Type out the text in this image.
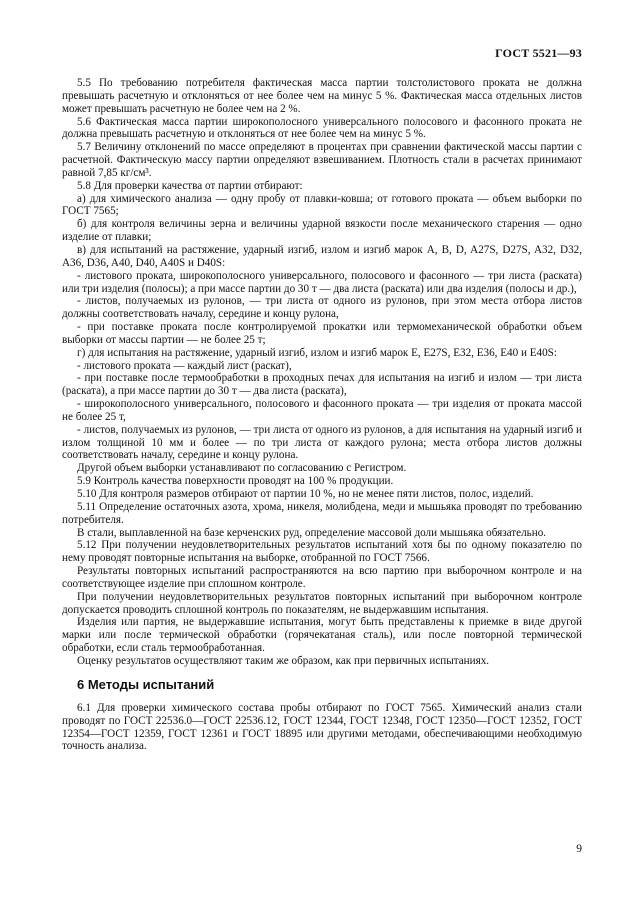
ГОСТ 5521—93

5.5 По требованию потребителя фактическая масса партии толстолистового проката не должна превышать расчетную и отклоняться от нее более чем на минус 5 %. Фактическая масса отдельных листов может превышать расчетную не более чем на 2 %.

5.6 Фактическая масса партии широкополосного универсального полосового и фасонного проката не должна превышать расчетную и отклоняться от нее более чем на минус 5 %.

5.7 Величину отклонений по массе определяют в процентах при сравнении фактической массы партии с расчетной. Фактическую массу партии определяют взвешиванием. Плотность стали в расчетах принимают равной 7,85 кг/см³.

5.8 Для проверки качества от партии отбирают:

а) для химического анализа — одну пробу от плавки-ковша; от готового проката — объем выборки по ГОСТ 7565;

б) для контроля величины зерна и величины ударной вязкости после механического старения — одно изделие от плавки;

в) для испытаний на растяжение, ударный изгиб, излом и изгиб марок A, B, D, A27S, D27S, A32, D32, A36, D36, A40, D40, A40S и D40S:

- листового проката, широкополосного универсального, полосового и фасонного — три листа (раската) или три изделия (полосы); а при массе партии до 30 т — два листа (раската) или два изделия (полосы и др.),

- листов, получаемых из рулонов, — три листа от одного из рулонов, при этом места отбора листов должны соответствовать началу, середине и концу рулона,

- при поставке проката после контролируемой прокатки или термомеханической обработки объем выборки от массы партии — не более 25 т;

г) для испытания на растяжение, ударный изгиб, излом и изгиб марок E, E27S, E32, E36, E40 и E40S:

- листового проката — каждый лист (раскат),

- при поставке после термообработки в проходных печах для испытания на изгиб и излом — три листа (раската), а при массе партии до 30 т — два листа (раската),

- широкополосного универсального, полосового и фасонного проката — три изделия от проката массой не более 25 т,

- листов, получаемых из рулонов, — три листа от одного из рулонов, а для испытания на ударный изгиб и излом толщиной 10 мм и более — по три листа от каждого рулона; места отбора листов должны соответствовать началу, середине и концу рулона.

Другой объем выборки устанавливают по согласованию с Регистром.

5.9 Контроль качества поверхности проводят на 100 % продукции.

5.10 Для контроля размеров отбирают от партии 10 %, но не менее пяти листов, полос, изделий.

5.11 Определение остаточных азота, хрома, никеля, молибдена, меди и мышьяка проводят по требованию потребителя.

В стали, выплавленной на базе керченских руд, определение массовой доли мышьяка обязательно.

5.12 При получении неудовлетворительных результатов испытаний хотя бы по одному показателю по нему проводят повторные испытания на выборке, отобранной по ГОСТ 7566.

Результаты повторных испытаний распространяются на всю партию при выборочном контроле и на соответствующее изделие при сплошном контроле.

При получении неудовлетворительных результатов повторных испытаний при выборочном контроле допускается проводить сплошной контроль по показателям, не выдержавшим испытания.

Изделия или партия, не выдержавшие испытания, могут быть представлены к приемке в виде другой марки или после термической обработки (горячекатаная сталь), или после повторной термической обработки, если сталь термообработанная.

Оценку результатов осуществляют таким же образом, как при первичных испытаниях.

6 Методы испытаний

6.1 Для проверки химического состава пробы отбирают по ГОСТ 7565. Химический анализ стали проводят по ГОСТ 22536.0—ГОСТ 22536.12, ГОСТ 12344, ГОСТ 12348, ГОСТ 12350—ГОСТ 12352, ГОСТ 12354—ГОСТ 12359, ГОСТ 12361 и ГОСТ 18895 или другими методами, обеспечивающими необходимую точность анализа.

9
